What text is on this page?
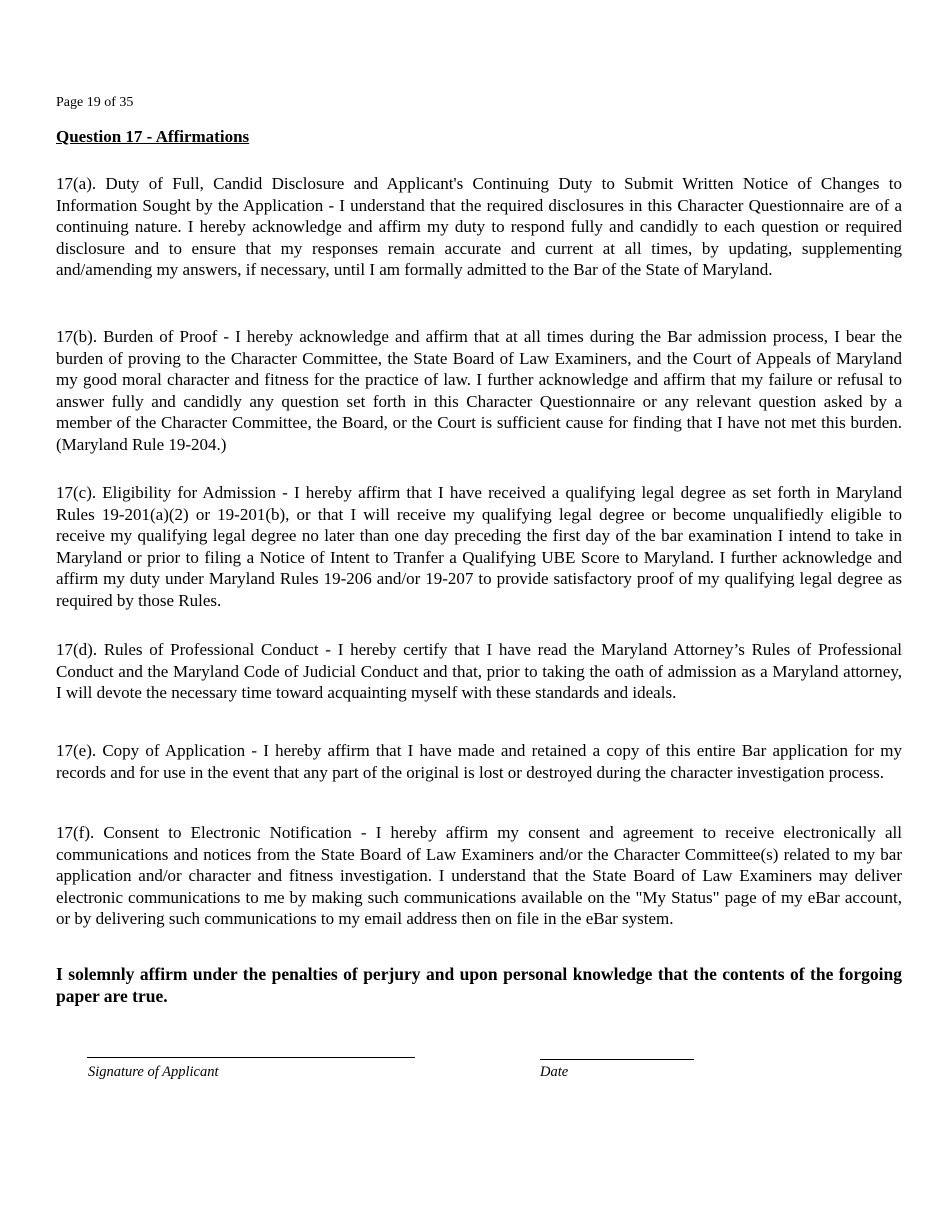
Page 19 of 35
Question 17 - Affirmations

17(a). Duty of Full, Candid Disclosure and Applicant's Continuing Duty to Submit Written Notice of Changes to Information Sought by the Application - I understand that the required disclosures in this Character Questionnaire are of a continuing nature. I hereby acknowledge and affirm my duty to respond fully and candidly to each question or required disclosure and to ensure that my responses remain accurate and current at all times, by updating, supplementing and/amending my answers, if necessary, until I am formally admitted to the Bar of the State of Maryland.

17(b). Burden of Proof - I hereby acknowledge and affirm that at all times during the Bar admission process, I bear the burden of proving to the Character Committee, the State Board of Law Examiners, and the Court of Appeals of Maryland my good moral character and fitness for the practice of law. I further acknowledge and affirm that my failure or refusal to answer fully and candidly any question set forth in this Character Questionnaire or any relevant question asked by a member of the Character Committee, the Board, or the Court is sufficient cause for finding that I have not met this burden. (Maryland Rule 19-204.)

17(c). Eligibility for Admission - I hereby affirm that I have received a qualifying legal degree as set forth in Maryland Rules 19-201(a)(2) or 19-201(b), or that I will receive my qualifying legal degree or become unqualifiedly eligible to receive my qualifying legal degree no later than one day preceding the first day of the bar examination I intend to take in Maryland or prior to filing a Notice of Intent to Tranfer a Qualifying UBE Score to Maryland. I further acknowledge and affirm my duty under Maryland Rules 19-206 and/or 19-207 to provide satisfactory proof of my qualifying legal degree as required by those Rules.

17(d). Rules of Professional Conduct - I hereby certify that I have read the Maryland Attorney’s Rules of Professional Conduct and the Maryland Code of Judicial Conduct and that, prior to taking the oath of admission as a Maryland attorney, I will devote the necessary time toward acquainting myself with these standards and ideals.

17(e). Copy of Application - I hereby affirm that I have made and retained a copy of this entire Bar application for my records and for use in the event that any part of the original is lost or destroyed during the character investigation process.

17(f). Consent to Electronic Notification - I hereby affirm my consent and agreement to receive electronically all communications and notices from the State Board of Law Examiners and/or the Character Committee(s) related to my bar application and/or character and fitness investigation. I understand that the State Board of Law Examiners may deliver electronic communications to me by making such communications available on the "My Status" page of my eBar account, or by delivering such communications to my email address then on file in the eBar system.

I solemnly affirm under the penalties of perjury and upon personal knowledge that the contents of the forgoing paper are true.

Signature of Applicant	Date
